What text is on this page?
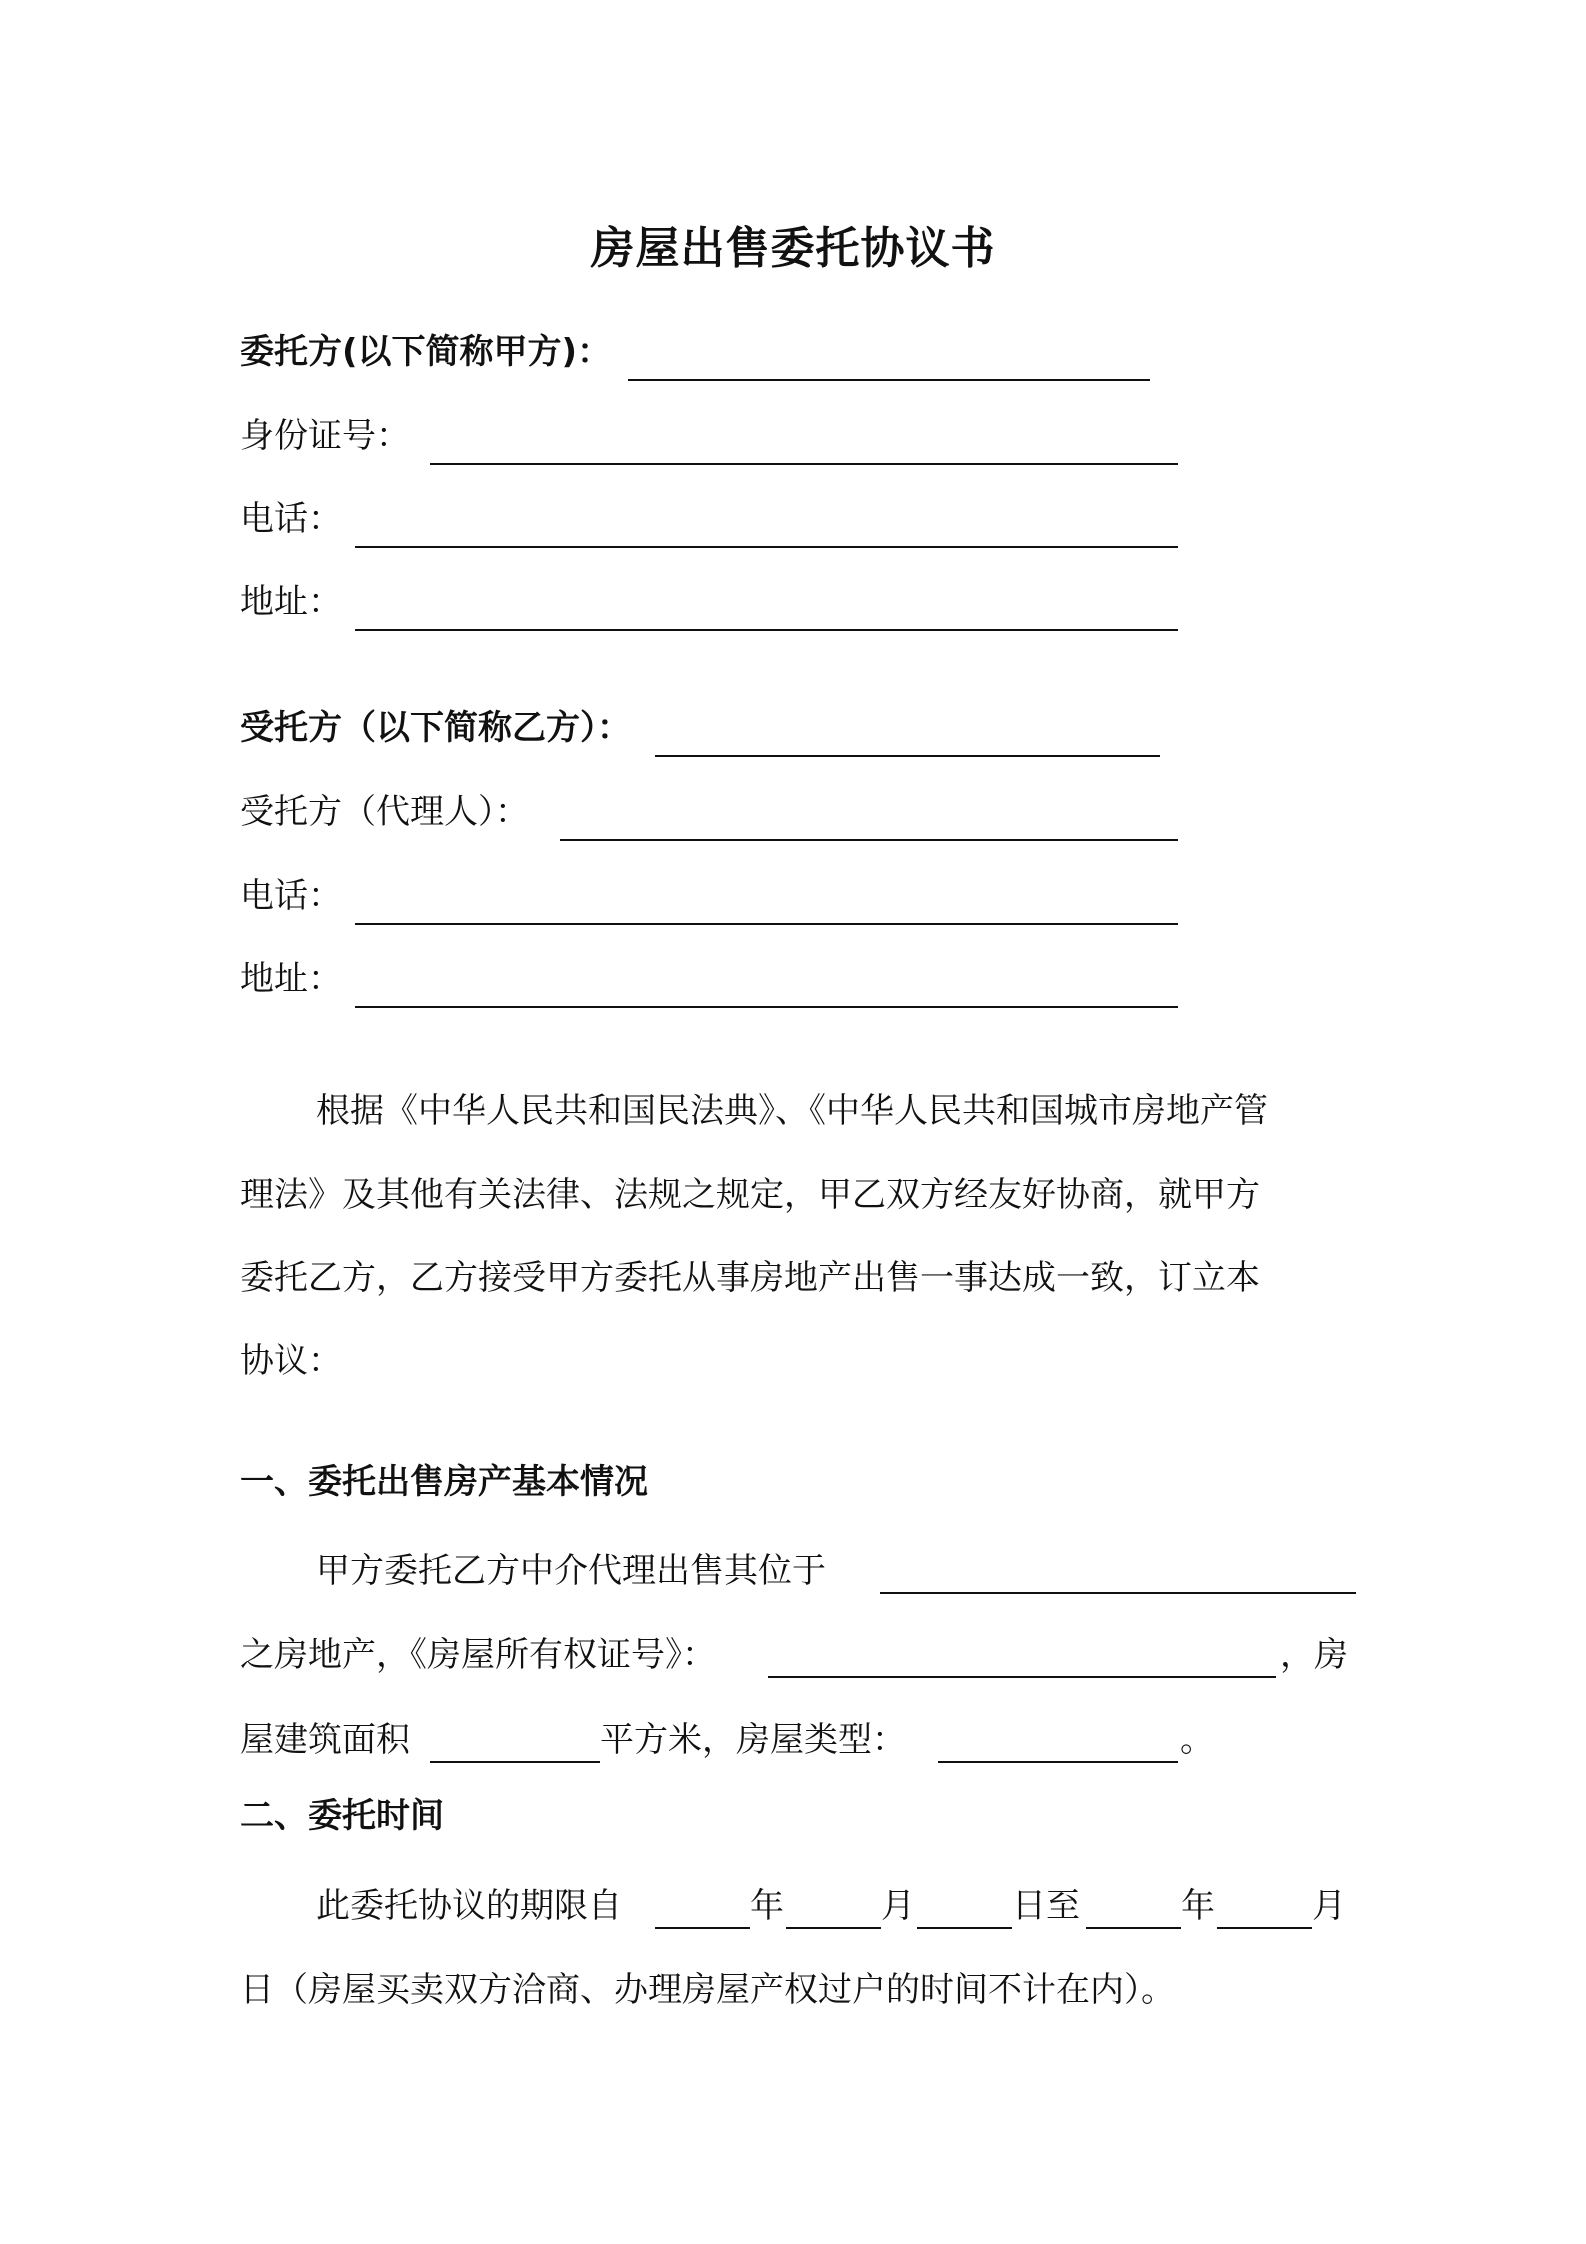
房屋出售委托协议书
委托方(以下简称甲方)：
身份证号：
电话：
地址：
受托方（以下简称乙方）：
受托方（代理人）：
电话：
地址：
根据《中华人民共和国民法典》、《中华人民共和国城市房地产管
理法》及其他有关法律、法规之规定，甲乙双方经友好协商，就甲方
委托乙方，乙方接受甲方委托从事房地产出售一事达成一致，订立本
协议：
一、委托出售房产基本情况
甲方委托乙方中介代理出售其位于
之房地产，《房屋所有权证号》：	，房
屋建筑面积	平方米，房屋类型：	。
二、委托时间
此委托协议的期限自	年	月	日至	年	月
日（房屋买卖双方洽商、办理房屋产权过户的时间不计在内）。
